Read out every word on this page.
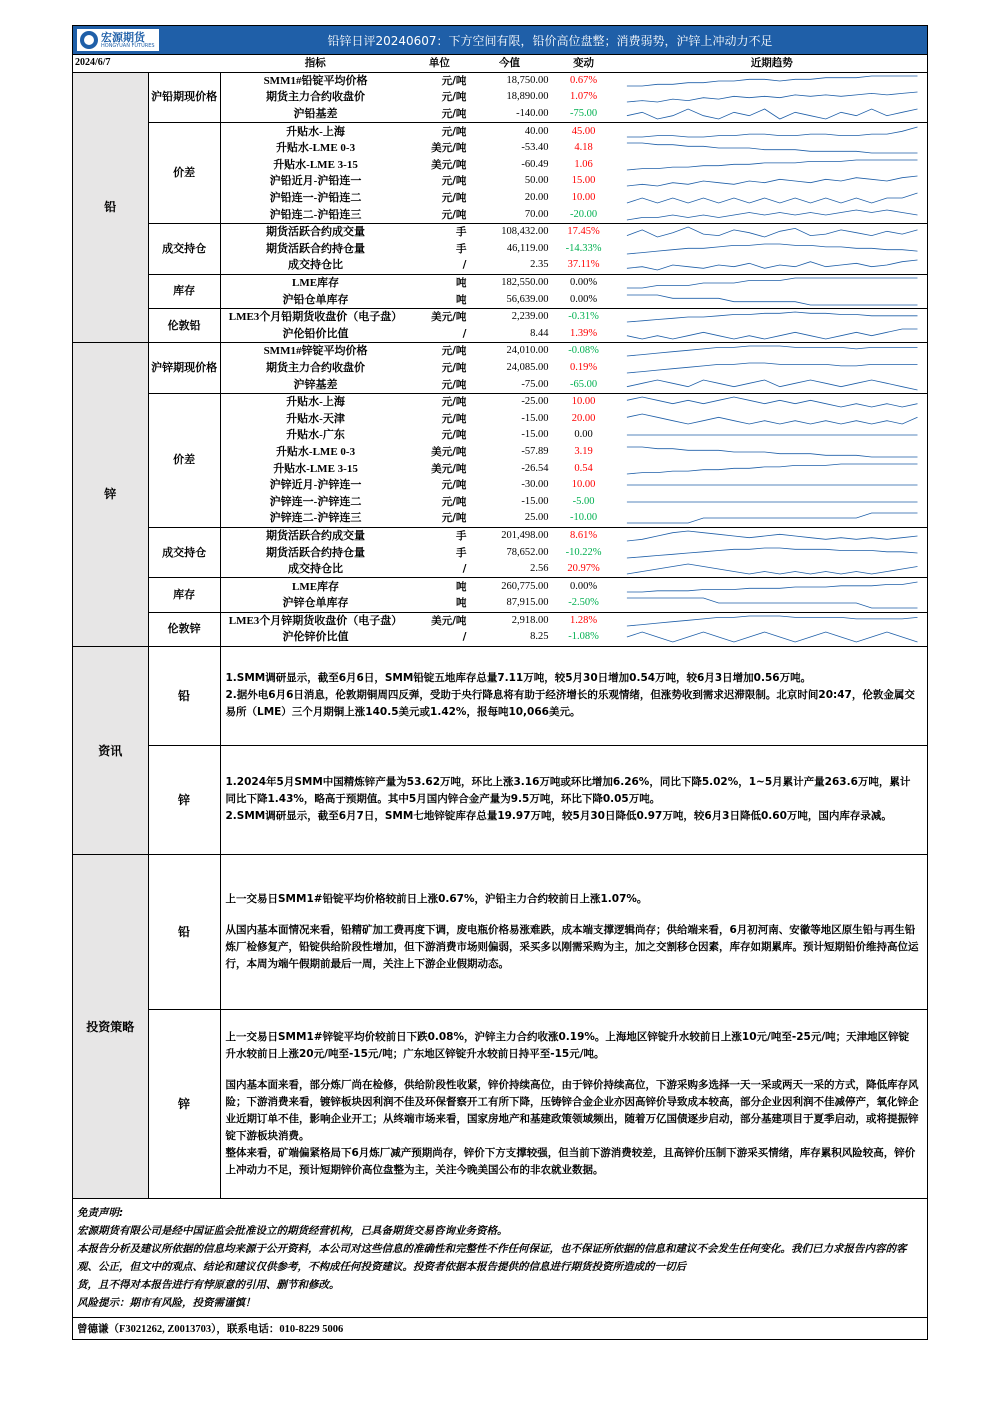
宏源期货
HONGYUAN FUTURES	铅锌日评20240607：下方空间有限，铅价高位盘整；消费弱势，沪锌上冲动力不足
2024/6/7		指标	单位	今值	变动	近期趋势
铅	沪铅期现价格	SMM1#铅锭平均价格	元/吨	18,750.00	0.67%	

		期货主力合约收盘价	元/吨	18,890.00	1.07%	

		沪铅基差	元/吨	-140.00	-75.00	

	价差	升贴水-上海	元/吨	40.00	45.00	

		升贴水-LME 0-3	美元/吨	-53.40	4.18	

		升贴水-LME 3-15	美元/吨	-60.49	1.06	

		沪铅近月-沪铅连一	元/吨	50.00	15.00	

		沪铅连一-沪铅连二	元/吨	20.00	10.00	

		沪铅连二-沪铅连三	元/吨	70.00	-20.00	

	成交持仓	期货活跃合约成交量	手	108,432.00	17.45%	

		期货活跃合约持仓量	手	46,119.00	-14.33%	

		成交持仓比	/	2.35	37.11%	

	库存	LME库存	吨	182,550.00	0.00%	

		沪铅仓单库存	吨	56,639.00	0.00%	

	伦敦铅	LME3个月铅期货收盘价（电子盘）	美元/吨	2,239.00	-0.31%	

		沪伦铅价比值	/	8.44	1.39%	

锌	沪锌期现价格	SMM1#锌锭平均价格	元/吨	24,010.00	-0.08%	

		期货主力合约收盘价	元/吨	24,085.00	0.19%	

		沪锌基差	元/吨	-75.00	-65.00	

	价差	升贴水-上海	元/吨	-25.00	10.00	

		升贴水-天津	元/吨	-15.00	20.00	

		升贴水-广东	元/吨	-15.00	0.00	

		升贴水-LME 0-3	美元/吨	-57.89	3.19	

		升贴水-LME 3-15	美元/吨	-26.54	0.54	

		沪锌近月-沪锌连一	元/吨	-30.00	10.00	

		沪锌连一-沪锌连二	元/吨	-15.00	-5.00	

		沪锌连二-沪锌连三	元/吨	25.00	-10.00	

	成交持仓	期货活跃合约成交量	手	201,498.00	8.61%	

		期货活跃合约持仓量	手	78,652.00	-10.22%	

		成交持仓比	/	2.56	20.97%	

	库存	LME库存	吨	260,775.00	0.00%	

		沪锌仓单库存	吨	87,915.00	-2.50%	

	伦敦锌	LME3个月锌期货收盘价（电子盘）	美元/吨	2,918.00	1.28%	

		沪伦锌价比值	/	8.25	-1.08%	
资讯	铅	1.SMM调研显示，截至6月6日，SMM铅锭五地库存总量7.11万吨，较5月30日增加0.54万吨，较6月3日增加0.56万吨。

2.据外电6月6日消息，伦敦期铜周四反弹，受助于央行降息将有助于经济增长的乐观情绪，但涨势收到需求迟滞限制。北京时间20:47，伦敦金属交易所（LME）三个月期铜上涨140.5美元或1.42%，报每吨10,066美元。

	锌	1.2024年5月SMM中国精炼锌产量为53.62万吨，环比上涨3.16万吨或环比增加6.26%，同比下降5.02%，1~5月累计产量263.6万吨，累计同比下降1.43%，略高于预期值。其中5月国内锌合金产量为9.5万吨，环比下降0.05万吨。

2.SMM调研显示，截至6月7日，SMM七地锌锭库存总量19.97万吨，较5月30日降低0.97万吨，较6月3日降低0.60万吨，国内库存录减。

投资策略	铅	上一交易日SMM1#铅锭平均价格较前日上涨0.67%，沪铅主力合约较前日上涨1.07%。

从国内基本面情况来看，铅精矿加工费再度下调，废电瓶价格易涨难跌，成本端支撑逻辑尚存；供给端来看，6月初河南、安徽等地区原生铅与再生铅炼厂检修复产，铅锭供给阶段性增加，但下游消费市场则偏弱，采买多以刚需采购为主，加之交割移仓因素，库存如期累库。预计短期铅价维持高位运行，本周为端午假期前最后一周，关注上下游企业假期动态。

	锌	上一交易日SMM1#锌锭平均价较前日下跌0.08%，沪锌主力合约收涨0.19%。上海地区锌锭升水较前日上涨10元/吨至-25元/吨；天津地区锌锭升水较前日上涨20元/吨至-15元/吨；广东地区锌锭升水较前日持平至-15元/吨。

国内基本面来看，部分炼厂尚在检修，供给阶段性收紧，锌价持续高位，由于锌价持续高位，下游采购多选择一天一采或两天一采的方式，降低库存风险；下游消费来看，镀锌板块因利润不佳及环保督察开工有所下降，压铸锌合金企业亦因高锌价导致成本较高，部分企业因利润不佳减停产，氧化锌企业近期订单不佳，影响企业开工；从终端市场来看，国家房地产和基建政策领域频出，随着万亿国债逐步启动，部分基建项目于夏季启动，或将提振锌锭下游板块消费。

整体来看，矿端偏紧格局下6月炼厂减产预期尚存，锌价下方支撑较强，但当前下游消费较差，且高锌价压制下游采买情绪，库存累积风险较高，锌价上冲动力不足，预计短期锌价高位盘整为主，关注今晚美国公布的非农就业数据。

免责声明:

宏源期货有限公司是经中国证监会批准设立的期货经营机构，已具备期货交易咨询业务资格。

本报告分析及建议所依据的信息均来源于公开资料，本公司对这些信息的准确性和完整性不作任何保证，也不保证所依据的信息和建议不会发生任何变化。我们已力求报告内容的客观、公正，但文中的观点、结论和建议仅供参考，不构成任何投资建议。投资者依据本报告提供的信息进行期货投资所造成的一切后

货，且不得对本报告进行有悖原意的引用、删节和修改。

风险提示：期市有风险，投资需谨慎！

曾德谦（F3021262, Z0013703），联系电话：010-8229 5006
